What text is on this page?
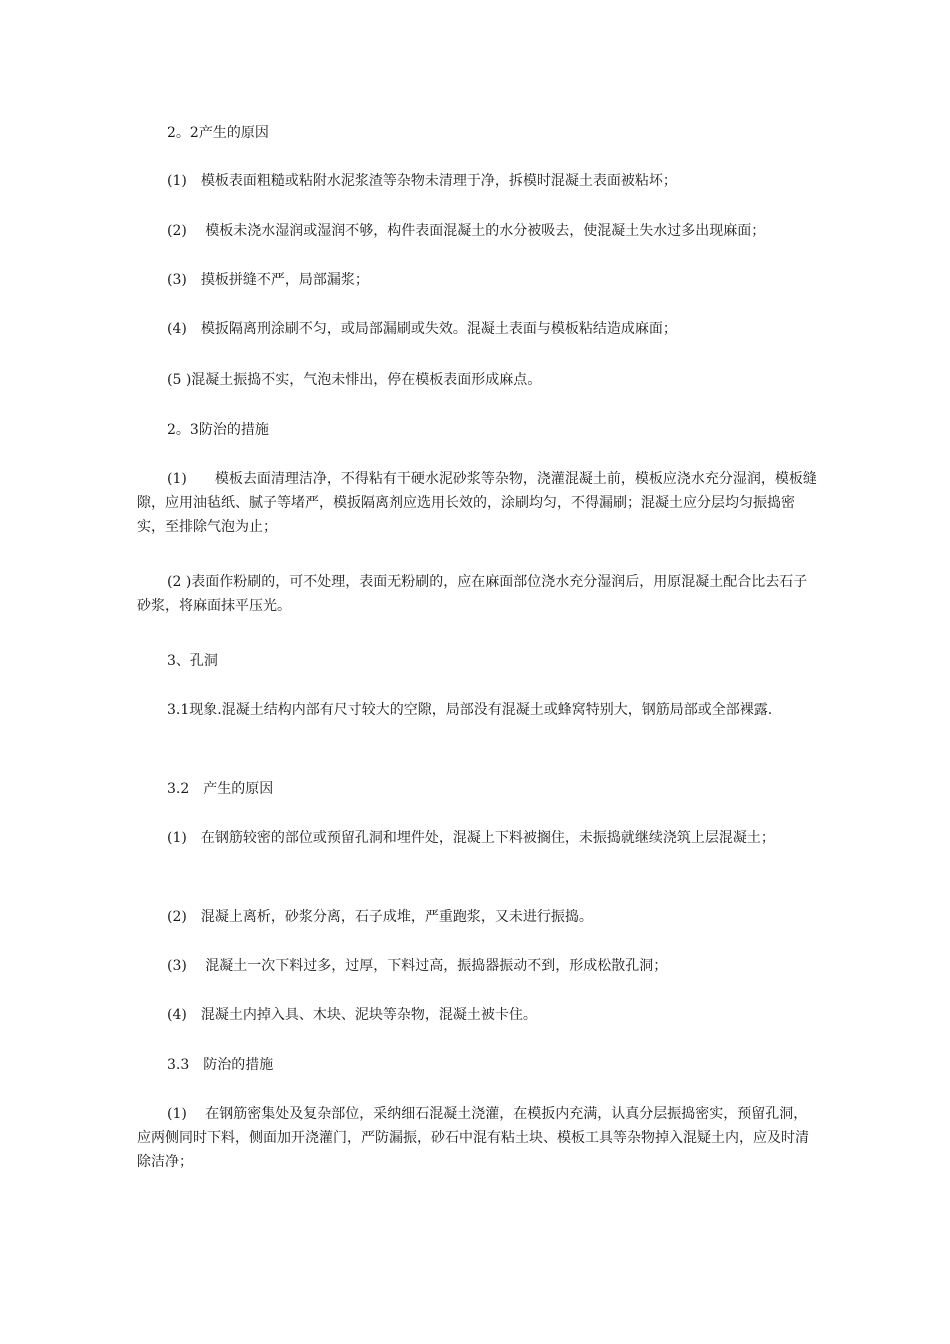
2。2产生的原因

(1)　模板表面粗糙或粘附水泥浆渣等杂物未清理于净，拆模时混凝土表面被粘坏；

(2)　 模板未浇水湿润或湿润不够，构件表面混凝土的水分被吸去，使混凝土失水过多出现麻面；

(3)　摸板拼缝不严，局部漏浆；

(4)　模扳隔离刑涂刷不匀，或局部漏刷或失效。混凝土表面与模板粘结造成麻面；

(5 )混凝土振捣不实，气泡未悱出，停在模板表面形成麻点。

2。3防治的措施

(1)　　模板去面清理洁净，不得粘有干硬水泥砂浆等杂物，浇灌混凝土前，模板应浇水充分湿润，模板缝隙，应用油毡纸、腻子等堵严，模扳隔离剂应选用长效的，涂刷均匀，不得漏刷；混凝土应分层均匀振捣密实，至排除气泡为止；

(2 )表面作粉刷的，可不处理，表面无粉刷的，应在麻面部位浇水充分湿润后，用原混凝土配合比去石子砂浆，将麻面抹平压光。

3、孔洞

3.1现象.混凝土结构内部有尺寸较大的空隙，局部没有混凝土或蜂窝特别大，钢筋局部或全部裸露.

3.2　产生的原因

(1)　在钢筋较密的部位或预留孔洞和埋件处，混凝上下料被搁住，未振捣就继续浇筑上层混凝土；

(2)　混凝上离析，砂浆分离，石子成堆，严重跑浆，又未进行振捣。

(3)　 混凝土一次下料过多，过厚，下料过高，振捣器振动不到，形成松散孔洞；

(4)　混凝土内掉入具、木块、泥块等杂物，混凝土被卡住。

3.3　防治的措施

(1)　 在钢筋密集处及复杂部位，采纳细石混凝土浇灌，在模扳内充满，认真分层振捣密实，预留孔洞，应两侧同时下料，侧面加开浇灌门，严防漏振，砂石中混有粘土块、模板工具等杂物掉入混疑土内，应及时清除洁净；
